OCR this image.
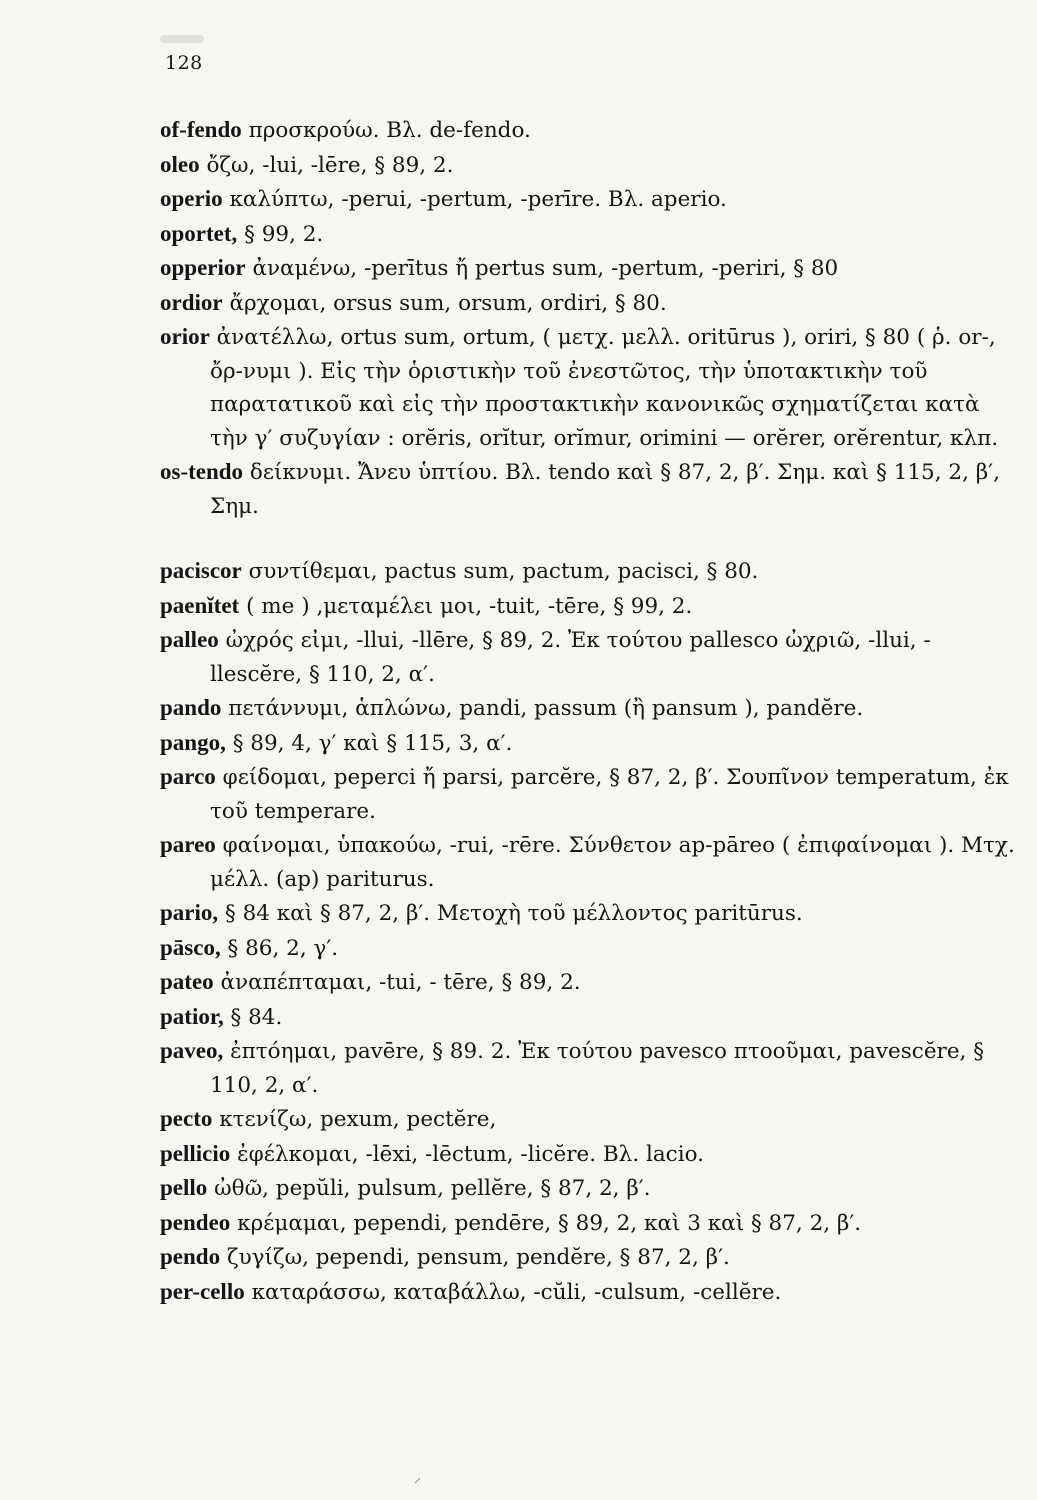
128

of-fendo προσκρούω. Βλ. de-fendo.

oleo ὄζω, -lui, -lēre, § 89, 2.

operio καλύπτω, -perui, -pertum, -perīre. Βλ. aperio.

oportet, § 99, 2.

opperior ἀναμένω, -perītus ἤ pertus sum, -pertum, -periri, § 80

ordior ἄρχομαι, orsus sum, orsum, ordiri, § 80.

orior ἀνατέλλω, ortus sum, ortum, ( μετχ. μελλ. oritūrus ), oriri, § 80 ( ῥ. or-, ὄρ-νυμι ). Εἰς τὴν ὁριστικὴν τοῦ ἐνεστῶτος, τὴν ὑποτακτικὴν τοῦ παρατατικοῦ καὶ εἰς τὴν προστακτικὴν κανονικῶς σχηματίζεται κατὰ τὴν γ′ συζυγίαν : orĕris, orĭtur, orĭmur, orimini — orĕrer, orĕrentur, κλπ.

os-tendo δείκνυμι. Ἄνευ ὑπτίου. Βλ. tendo καὶ § 87, 2, β′. Σημ. καὶ § 115, 2, β′, Σημ.

paciscor συντίθεμαι, pactus sum, pactum, pacisci, § 80.

paenĭtet ( me ) ,μεταμέλει μοι, -tuit, -tēre, § 99, 2.

palleo ὠχρός εἰμι, -llui, -llēre, § 89, 2. Ἐκ τούτου pallesco ὠχριῶ, -llui, -llescĕre, § 110, 2, α′.

pando πετάννυμι, ἁπλώνω, pandi, passum (ἢ pansum ), pandĕre.

pango, § 89, 4, γ′ καὶ § 115, 3, α′.

parco φείδομαι, peperci ἤ parsi, parcĕre, § 87, 2, β′. Σουπῖνον temperatum, ἐκ τοῦ temperare.

pareo φαίνομαι, ὑπακούω, -rui, -rēre. Σύνθετον ap-pāreo ( ἐπιφαίνομαι ). Μτχ. μέλλ. (ap) pariturus.

pario, § 84 καὶ § 87, 2, β′. Μετοχὴ τοῦ μέλλοντος paritūrus.

pāsco, § 86, 2, γ′.

pateo ἀναπέπταμαι, -tui, - tēre, § 89, 2.

patior, § 84.

paveo, ἐπτόημαι, pavēre, § 89. 2. Ἐκ τούτου pavesco πτοοῦμαι, pavescĕre, § 110, 2, α′.

pecto κτενίζω, pexum, pectĕre,

pellicio ἐφέλκομαι, -lēxi, -lēctum, -licĕre. Βλ. lacio.

pello ὠθῶ, pepŭli, pulsum, pellĕre, § 87, 2, β′.

pendeo κρέμαμαι, pependi, pendēre, § 89, 2, καὶ 3 καὶ § 87, 2, β′.

pendo ζυγίζω, pependi, pensum, pendĕre, § 87, 2, β′.

per-cello καταράσσω, καταβάλλω, -cŭli, -culsum, -cellĕre.

⸍
